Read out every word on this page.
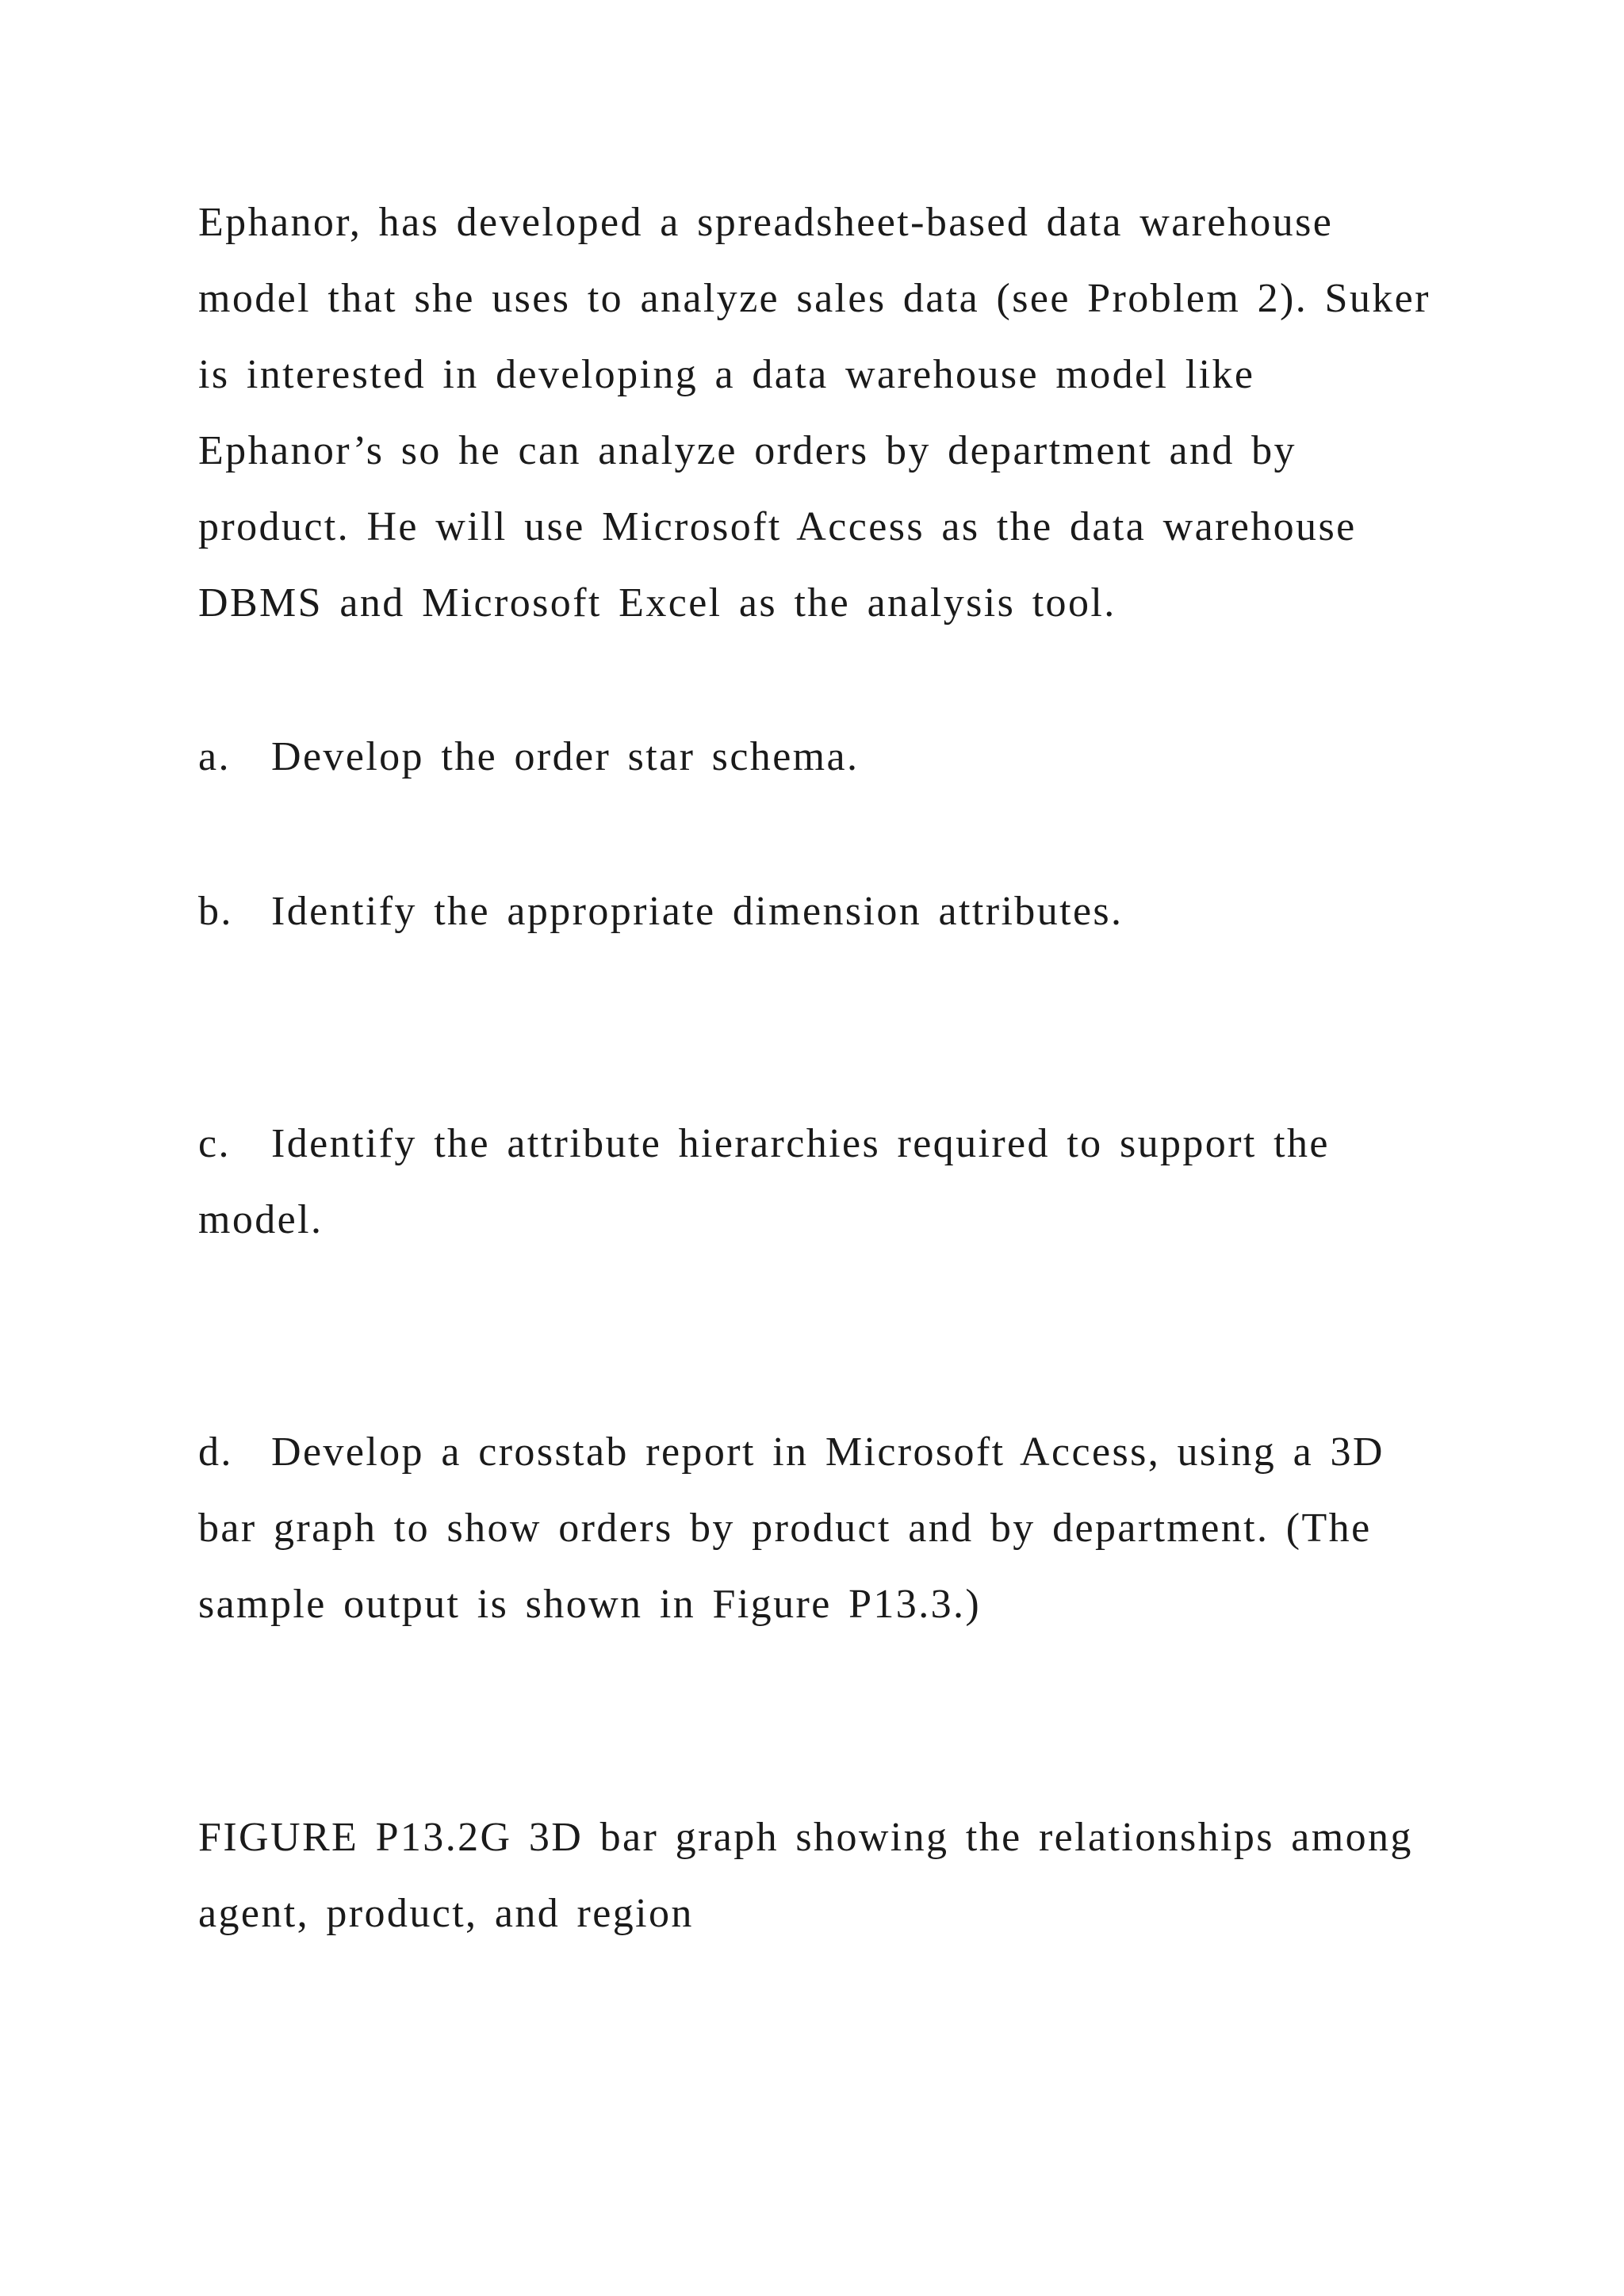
Ephanor, has developed a spreadsheet-based data warehouse
model that she uses to analyze sales data (see Problem 2). Suker
is interested in developing a data warehouse model like
Ephanor’s so he can analyze orders by department and by
product. He will use Microsoft Access as the data warehouse
DBMS and Microsoft Excel as the analysis tool.
a. Develop the order star schema.
b. Identify the appropriate dimension attributes.
c. Identify the attribute hierarchies required to support the
model.
d. Develop a crosstab report in Microsoft Access, using a 3D
bar graph to show orders by product and by department. (The
sample output is shown in Figure P13.3.)
FIGURE P13.2G 3D bar graph showing the relationships among
agent, product, and region
